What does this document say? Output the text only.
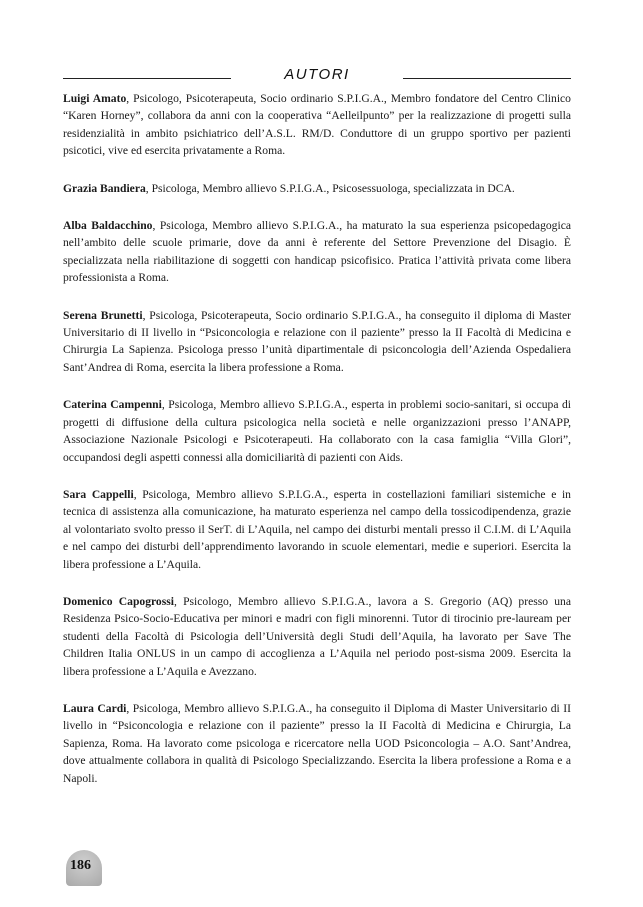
AUTORI

Luigi Amato, Psicologo, Psicoterapeuta, Socio ordinario S.P.I.G.A., Membro fondatore del Centro Clinico “Karen Horney”, collabora da anni con la cooperativa “Aelleilpunto” per la realizzazione di progetti sulla residenzialità in ambito psichiatrico dell’A.S.L. RM/D. Conduttore di un gruppo sportivo per pazienti psicotici, vive ed esercita privatamente a Roma.

Grazia Bandiera, Psicologa, Membro allievo S.P.I.G.A., Psicosessuologa, specializzata in DCA.

Alba Baldacchino, Psicologa, Membro allievo S.P.I.G.A., ha maturato la sua esperienza psicopedagogica nell’ambito delle scuole primarie, dove da anni è referente del Settore Prevenzione del Disagio. È specializzata nella riabilitazione di soggetti con handicap psicofisico. Pratica l’attività privata come libera professionista a Roma.

Serena Brunetti, Psicologa, Psicoterapeuta, Socio ordinario S.P.I.G.A., ha conseguito il diploma di Master Universitario di II livello in “Psiconcologia e relazione con il paziente” presso la II Facoltà di Medicina e Chirurgia La Sapienza. Psicologa presso l’unità dipartimentale di psiconcologia dell’Azienda Ospedaliera Sant’Andrea di Roma, esercita la libera professione a Roma.

Caterina Campenni, Psicologa, Membro allievo S.P.I.G.A., esperta in problemi socio-sanitari, si occupa di progetti di diffusione della cultura psicologica nella società e nelle organizzazioni presso l’ANAPP, Associazione Nazionale Psicologi e Psicoterapeuti. Ha collaborato con la casa famiglia “Villa Glori”, occupandosi degli aspetti connessi alla domiciliarità di pazienti con Aids.

Sara Cappelli, Psicologa, Membro allievo S.P.I.G.A., esperta in costellazioni familiari sistemiche e in tecnica di assistenza alla comunicazione, ha maturato esperienza nel campo della tossicodipendenza, grazie al volontariato svolto presso il SerT. di L’Aquila, nel campo dei disturbi mentali presso il C.I.M. di L’Aquila e nel campo dei disturbi dell’apprendimento lavorando in scuole elementari, medie e superiori. Esercita la libera professione a L’Aquila.

Domenico Capogrossi, Psicologo, Membro allievo S.P.I.G.A., lavora a S. Gregorio (AQ) presso una Residenza Psico-Socio-Educativa per minori e madri con figli minorenni. Tutor di tirocinio pre-lauream per studenti della Facoltà di Psicologia dell’Università degli Studi dell’Aquila, ha lavorato per Save The Children Italia ONLUS in un campo di accoglienza a L’Aquila nel periodo post-sisma 2009. Esercita la libera professione a L’Aquila e Avezzano.

Laura Cardi, Psicologa, Membro allievo S.P.I.G.A., ha conseguito il Diploma di Master Universitario di II livello in “Psiconcologia e relazione con il paziente” presso la II Facoltà di Medicina e Chirurgia, La Sapienza, Roma. Ha lavorato come psicologa e ricercatore nella UOD Psiconcologia – A.O. Sant’Andrea, dove attualmente collabora in qualità di Psicologo Specializzando. Esercita la libera professione a Roma e a Napoli.

186
